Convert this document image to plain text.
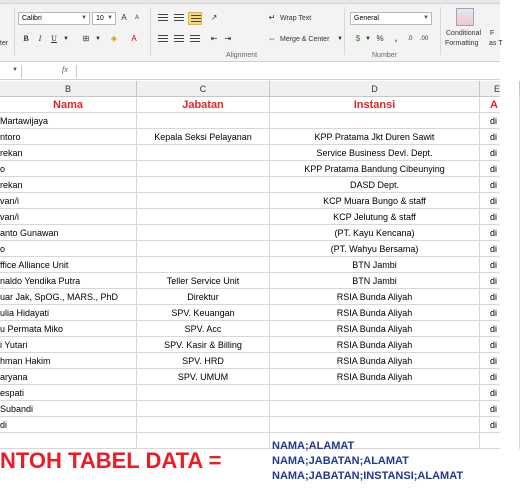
ter
Calibri	▼	10 ▼	A	A
B	I	U	▼	⊞ ▼	◈	A
↗	↵ Wrap Text
⇤ ⇥	⇔ Merge & Center	▼
Alignment
General	▼
$ ▼ %	,	.0	.00
Number
Conditional
Formatting
F
as T
▼	fx
B	C	D	E
Nama	Jabatan	Instansi	A
Martawijaya	di
ntoro	Kepala Seksi Pelayanan	KPP Pratama Jkt Duren Sawit	di
rekan	Service Business Devl. Dept.	di
o	KPP Pratama Bandung Cibeunying	di
rekan	DASD Dept.	di
van/i	KCP Muara Bungo & staff	di
van/i	KCP Jelutung & staff	di
anto Gunawan	(PT. Kayu Kencana)	di
o	(PT. Wahyu Bersama)	di
ffice Alliance Unit	BTN Jambi	di
naldo Yendika Putra	Teller Service Unit	BTN Jambi	di
uar Jak, SpOG., MARS., PhD	Direktur	RSIA Bunda Aliyah	di
ulia Hidayati	SPV. Keuangan	RSIA Bunda Aliyah	di
u Permata Miko	SPV. Acc	RSIA Bunda Aliyah	di
i Yutari	SPV. Kasir & Billing	RSIA Bunda Aliyah	di
hman Hakim	SPV. HRD	RSIA Bunda Aliyah	di
aryana	SPV. UMUM	RSIA Bunda Aliyah	di
espati	di
Subandi	di
di	di
NTOH TABEL DATA =
NAMA;ALAMAT
NAMA;JABATAN;ALAMAT
NAMA;JABATAN;INSTANSI;ALAMAT
